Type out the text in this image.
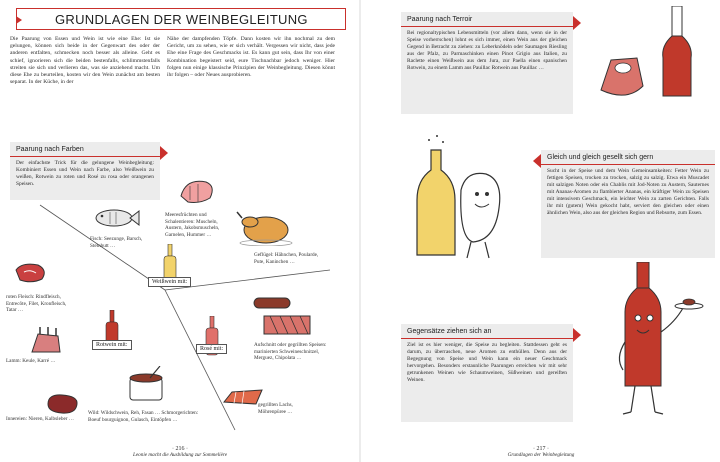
GRUNDLAGEN DER WEINBEGLEITUNG
Die Paarung von Essen und Wein ist wie eine Ehe: Ist sie gelungen, können sich beide in der Gegenwart des oder der anderen entfalten, schmecken noch besser als alleine. Geht es schief, ignorieren sich die beiden bestenfalls, schlimmstenfalls streiten sie sich und verlieren das, was sie anziehend macht. Um diese Ehe zu beurteilen, kosten wir den Wein zunächst am besten separat. In der Küche, in der
Nähe der dampfenden Töpfe. Dann kosten wir ihn nochmal zu dem Gericht, um zu sehen, wie er sich verhält. Vergessen wir nicht, dass jede Ehe eine Frage des Geschmacks ist. Es kann gut sein, dass Ihr von einer Kombination begeistert seid, eure Tischnachbar jedoch weniger. Hier folgen nun einige klassische Prinzipien der Weinbegleitung. Diesen könnt ihr folgen – oder Neues ausprobieren.
Paarung nach Farben
Der einfachste Trick für die gelungene Weinbegleitung: Kombiniert Essen und Wein nach Farbe, also Weißwein zu weißen, Rotwein zu roten und Rosé zu rosa oder orangenen Speisen.
Fisch: Seezunge, Barsch, Steinbutt …
Meeresfrüchten und Schalentieren: Muscheln, Austern, Jakobsmuscheln, Garnelen, Hummer …
Geflügel: Hähnchen, Poularde, Pute, Kaninchen …
Weißwein mit:
roten Fleisch: Rindfleisch, Entrecôte, Filet, Kronfleisch, Tatar …
Rotwein mit:
Lamm: Keule, Karré …
Rosé mit:
Aufschnitt oder gegrillten Speisen: marinierten Schweineschnitzel, Merguez, Chipolata …
Wild: Wildschwein, Reh, Fasan … Schmorgerichten: Boeuf bourguignon, Gulasch, Eintöpfen …
gegrillten Lachs, Möhrenpüree …
Innereien: Nieren, Kalbsleber …
· 216 ·
Leonie macht die Ausbildung zur Sommelière
Paarung nach Terroir
Bei regionaltypischen Lebensmitteln (vor allem dann, wenn sie in der Speise vorherrschen) lohnt es sich immer, einen Wein aus der gleichen Gegend in Betracht zu ziehen: zu Leberknödeln oder Saumagen Riesling aus der Pfalz, zu Parmaschinken einen Pinot Grigio aus Italien, zu Raclette einen Weißwein aus dem Jura, zur Paella einen spanischen Rotwein, zu einem Lamm aus Pauillac Rotwein aus Pauillac …
Gleich und gleich gesellt sich gern
Sucht in der Speise und dem Wein Gemeinsamkeiten: Fetter Wein zu fettigen Speisen, trocken zu trocken, salzig zu salzig. Etwa ein Muscadet mit salzigen Noten oder ein Chablis mit Jod-Noten zu Austern, Sauternes mit Ananas-Aromen zu flambierter Ananas, ein kräftiger Wein zu Speisen mit intensivem Geschmack, ein leichter Wein zu zarten Gerichten. Falls ihr mit (gutem) Wein gekocht habt, serviert den gleichen oder einen ähnlichen Wein, also aus der gleichen Region und Rebsorte, zum Essen.
Gegensätze ziehen sich an
Ziel ist es hier weniger, die Speise zu begleiten. Stattdessen geht es darum, zu überraschen, neue Aromen zu enthüllen. Denn aus der Begegnung von Speise und Wein kann ein neuer Geschmack hervorgehen. Besonders erstaunliche Paarungen erreichen wir mit sehr getrunkenen Weinen wie Schaumweinen, Süßweinen und gereiften Weinen.
· 217 ·
Grundlagen der Weinbegleitung
